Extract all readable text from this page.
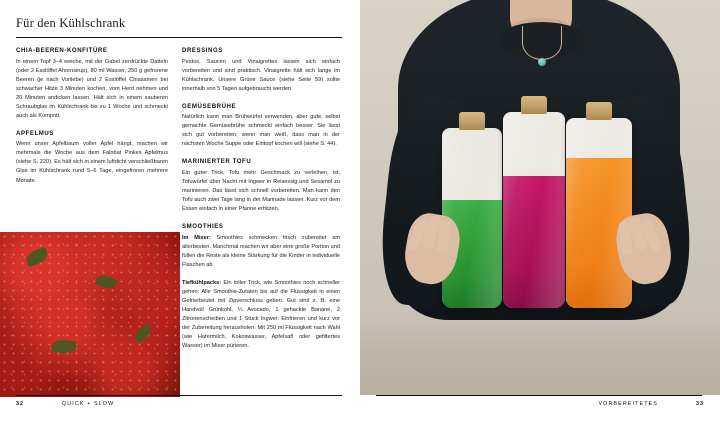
Für den Kühlschrank
CHIA-BEEREN-KONFITÜRE

In einem Topf 3–4 weiche, mit der Gabel zerdrückte Datteln (oder 2 Esslöffel Ahornsirup), 80 ml Wasser, 250 g gefrorene Beeren (je nach Vorliebe) und 2 Esslöffel Chiasamen bei schwacher Hitze 3 Minuten kochen, vom Herd nehmen und 20 Minuten andicken lassen. Hält sich in einem sauberen Schraubglas im Kühlschrank bis zu 1 Woche und schmeckt auch als Kompott.

APFELMUS

Wenn unser Apfelbaum voller Äpfel hängt, machen wir mehrmals die Woche aus dem Falobat Pinkes Apfelmus (siehe S. 220). Es hält sich in einem luftdicht verschließbaren Glas im Kühlschrank rund 5–6 Tage, eingefroren mehrere Monate.

DRESSINGS

Pestos, Saucen und Vinaigrettes lassen sich einfach vorbereiten und sind praktisch. Vinaigrette hält sich lange im Kühlschrank, Unsere Grüne Sauce (siehe Seite 59) sollte innerhalb von 5 Tagen aufgebraucht werden.

GEMÜSEBRÜHE

Natürlich kann man Brühwürfel verwenden, aber gute, selbst gemachte Gemüsebrühe schmeckt einfach besser. Sie lässt sich gut vorbereiten, wenn man weiß, dass man in der nächsten Woche Suppe oder Eintopf kochen will (siehe S. 44).

MARINIERTER TOFU

Ein guter Trick, Tofu mehr Geschmack zu verleihen, ist, Tofuwürfel über Nacht mit Ingwer in Reisessig und Sesamöl zu marinieren. Das lässt sich schnell vorbereiten. Man kann den Tofu auch zwei Tage lang in der Marinade lassen. Kurz vor dem Essen einfach in einer Pfanne erhitzen.

SMOOTHIES

Im Mixer: Smoothies schmecken frisch zubereitet am allerbesten. Manchmal machen wir aber eine große Portion und füllen die Reste als kleine Stärkung für die Kinder in individuelle Flaschen ab.

Tiefkühlpacks: Ein toller Trick, wie Smoothies noch schneller gehen: Alle Smoothie-Zutaten bis auf die Flüssigkeit in einen Gefrierbeutel mit Zipverschluss geben. Gut sind z. B. eine Handvoll Grünkohl, ¼ Avocado, 1 gehackte Banane, 2 Zitronenscheiben und 1 Stück Ingwer. Einfrieren und kurz vor der Zubereitung herausholen. Mit 250 ml Flüssigkeit nach Wahl (wie Hafermilch, Kokoswasser, Apfelsaft oder gefiltertes Wasser) im Mixer pürieren.

32	QUICK + SLOW	33
VORBEREITETES
